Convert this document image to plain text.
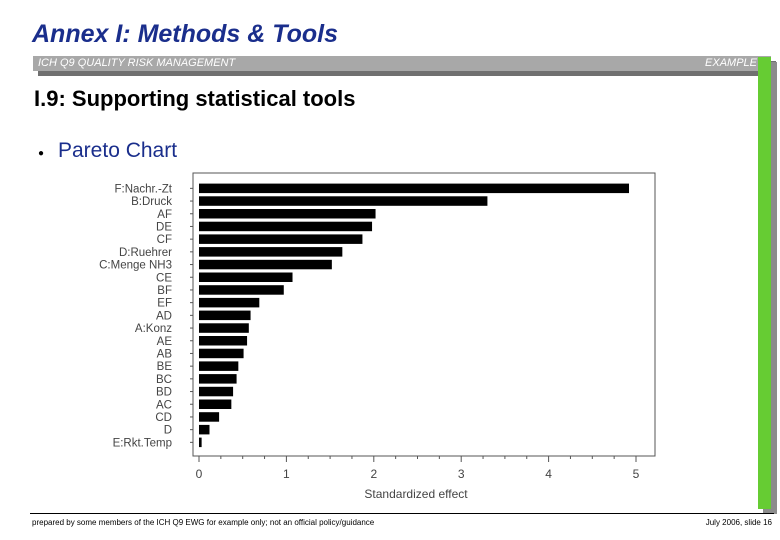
Annex I: Methods & Tools
ICH Q9 QUALITY RISK MANAGEMENT	EXAMPLE
I.9: Supporting statistical tools
● Pareto Chart
F:Nachr.-Zt
B:Druck
AF
DE
CF
D:Ruehrer
C:Menge NH3
CE
BF
EF
AD
A:Konz
AE
AB
BE
BC
BD
AC
CD
D
E:Rkt.Temp
0	1	2	3	4	5
Standardized effect
prepared by some members of the ICH Q9 EWG for example only; not an official policy/guidance	July 2006, slide 16
